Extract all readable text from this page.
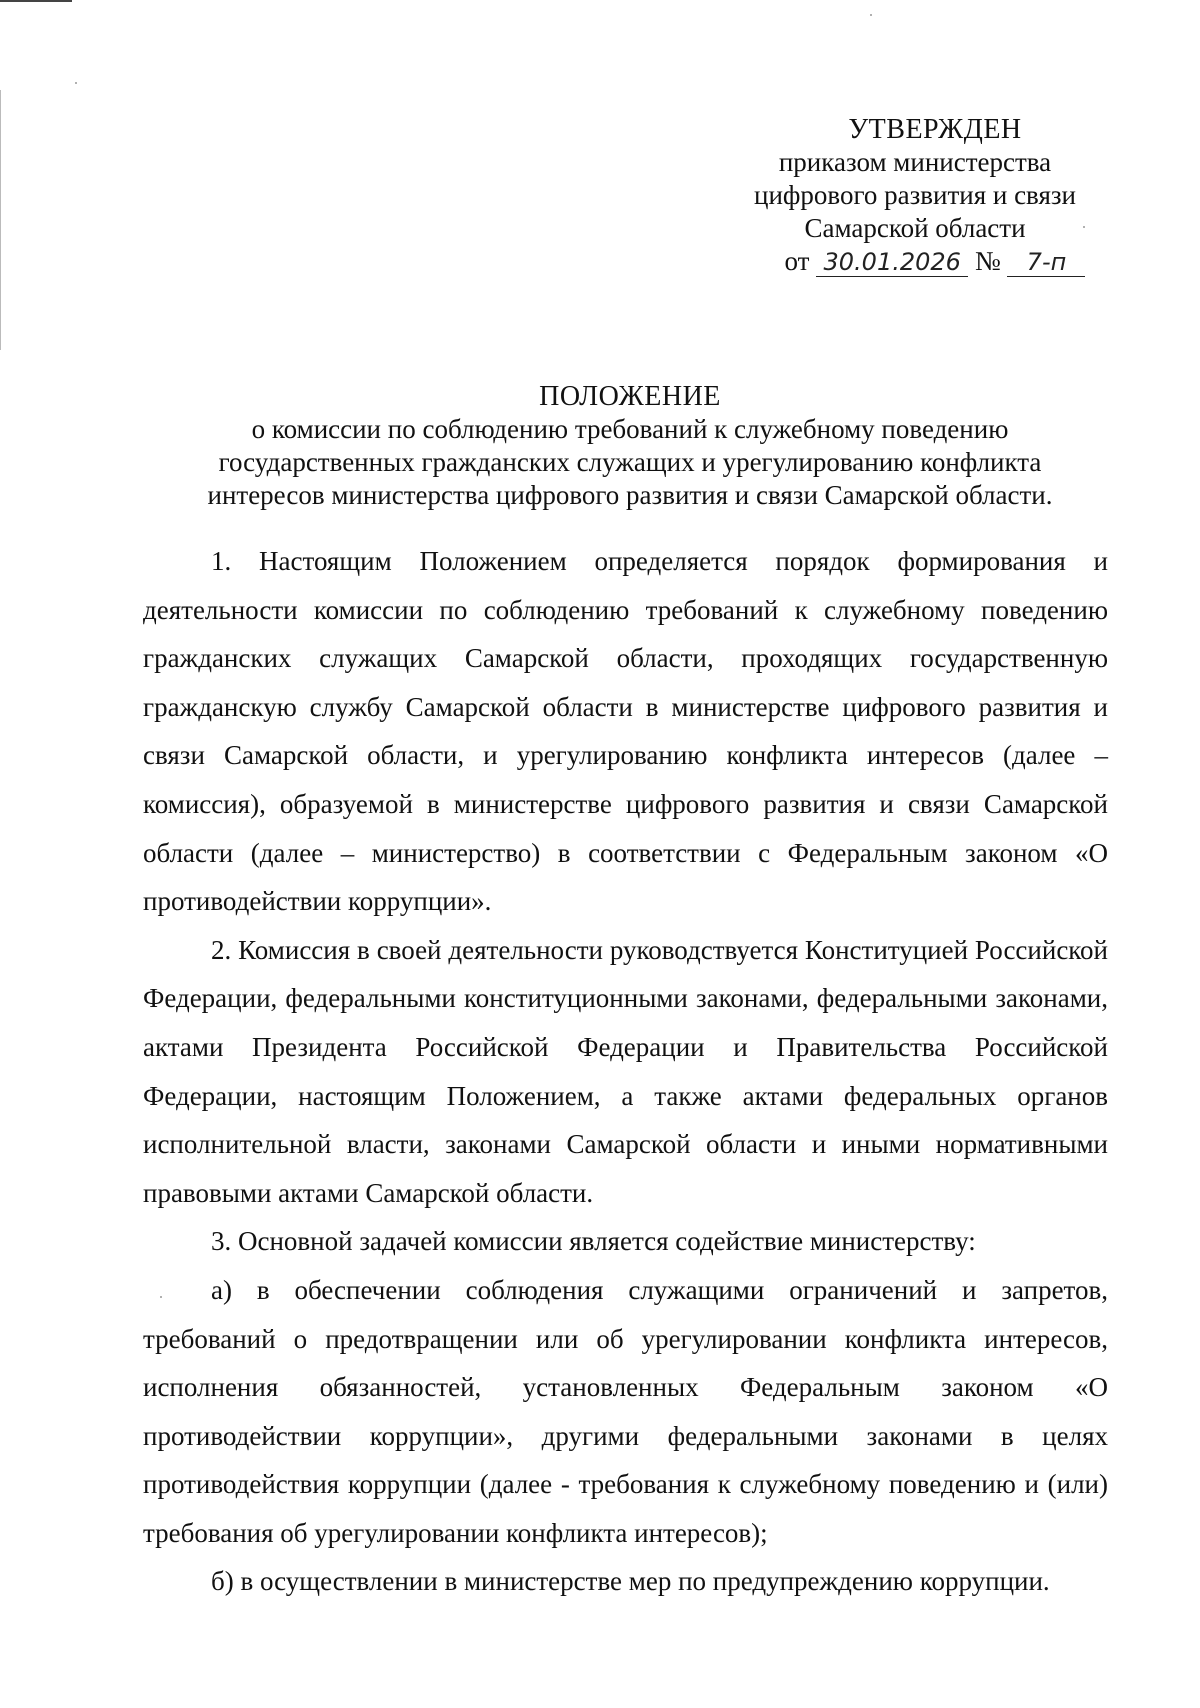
УТВЕРЖДЕН
приказом министерства
цифрового развития и связи
Самарской области
от 30.01.2026 № 7-п
ПОЛОЖЕНИЕ
о комиссии по соблюдению требований к служебному поведению
государственных гражданских служащих и урегулированию конфликта
интересов министерства цифрового развития и связи Самарской области.

1. Настоящим Положением определяется порядок формирования и деятельности комиссии по соблюдению требований к служебному поведению гражданских служащих Самарской области, проходящих государственную гражданскую службу Самарской области в министерстве цифрового развития и связи Самарской области, и урегулированию конфликта интересов (далее – комиссия), образуемой в министерстве цифрового развития и связи Самарской области (далее – министерство) в соответствии с Федеральным законом «О противодействии коррупции».

2. Комиссия в своей деятельности руководствуется Конституцией Российской Федерации, федеральными конституционными законами, федеральными законами, актами Президента Российской Федерации и Правительства Российской Федерации, настоящим Положением, а также актами федеральных органов исполнительной власти, законами Самарской области и иными нормативными правовыми актами Самарской области.

3. Основной задачей комиссии является содействие министерству:

а) в обеспечении соблюдения служащими ограничений и запретов, требований о предотвращении или об урегулировании конфликта интересов, исполнения обязанностей, установленных Федеральным законом «О противодействии коррупции», другими федеральными законами в целях противодействия коррупции (далее - требования к служебному поведению и (или) требования об урегулировании конфликта интересов);

б) в осуществлении в министерстве мер по предупреждению коррупции.
